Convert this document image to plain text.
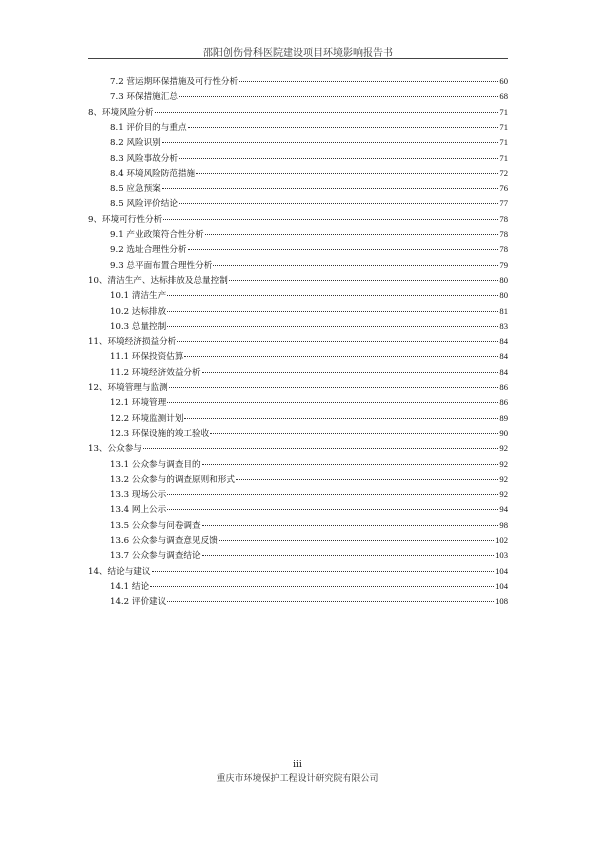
邵阳创伤骨科医院建设项目环境影响报告书
7.2 营运期环保措施及可行性分析	60
7.3 环保措施汇总	68
8、环境风险分析	71
8.1 评价目的与重点	71
8.2 风险识别	71
8.3 风险事故分析	71
8.4 环境风险防范措施	72
8.5 应急预案	76
8.5 风险评价结论	77
9、环境可行性分析	78
9.1 产业政策符合性分析	78
9.2 选址合理性分析	78
9.3 总平面布置合理性分析	79
10、清洁生产、达标排放及总量控制	80
10.1 清洁生产	80
10.2 达标排放	81
10.3 总量控制	83
11、环境经济损益分析	84
11.1 环保投资估算	84
11.2 环境经济效益分析	84
12、环境管理与监测	86
12.1 环境管理	86
12.2 环境监测计划	89
12.3 环保设施的竣工验收	90
13、公众参与	92
13.1 公众参与调查目的	92
13.2 公众参与的调查原则和形式	92
13.3 现场公示	92
13.4 网上公示	94
13.5 公众参与问卷调查	98
13.6 公众参与调查意见反馈	102
13.7 公众参与调查结论	103
14、结论与建议	104
14.1 结论	104
14.2 评价建议	108
iii
重庆市环境保护工程设计研究院有限公司
